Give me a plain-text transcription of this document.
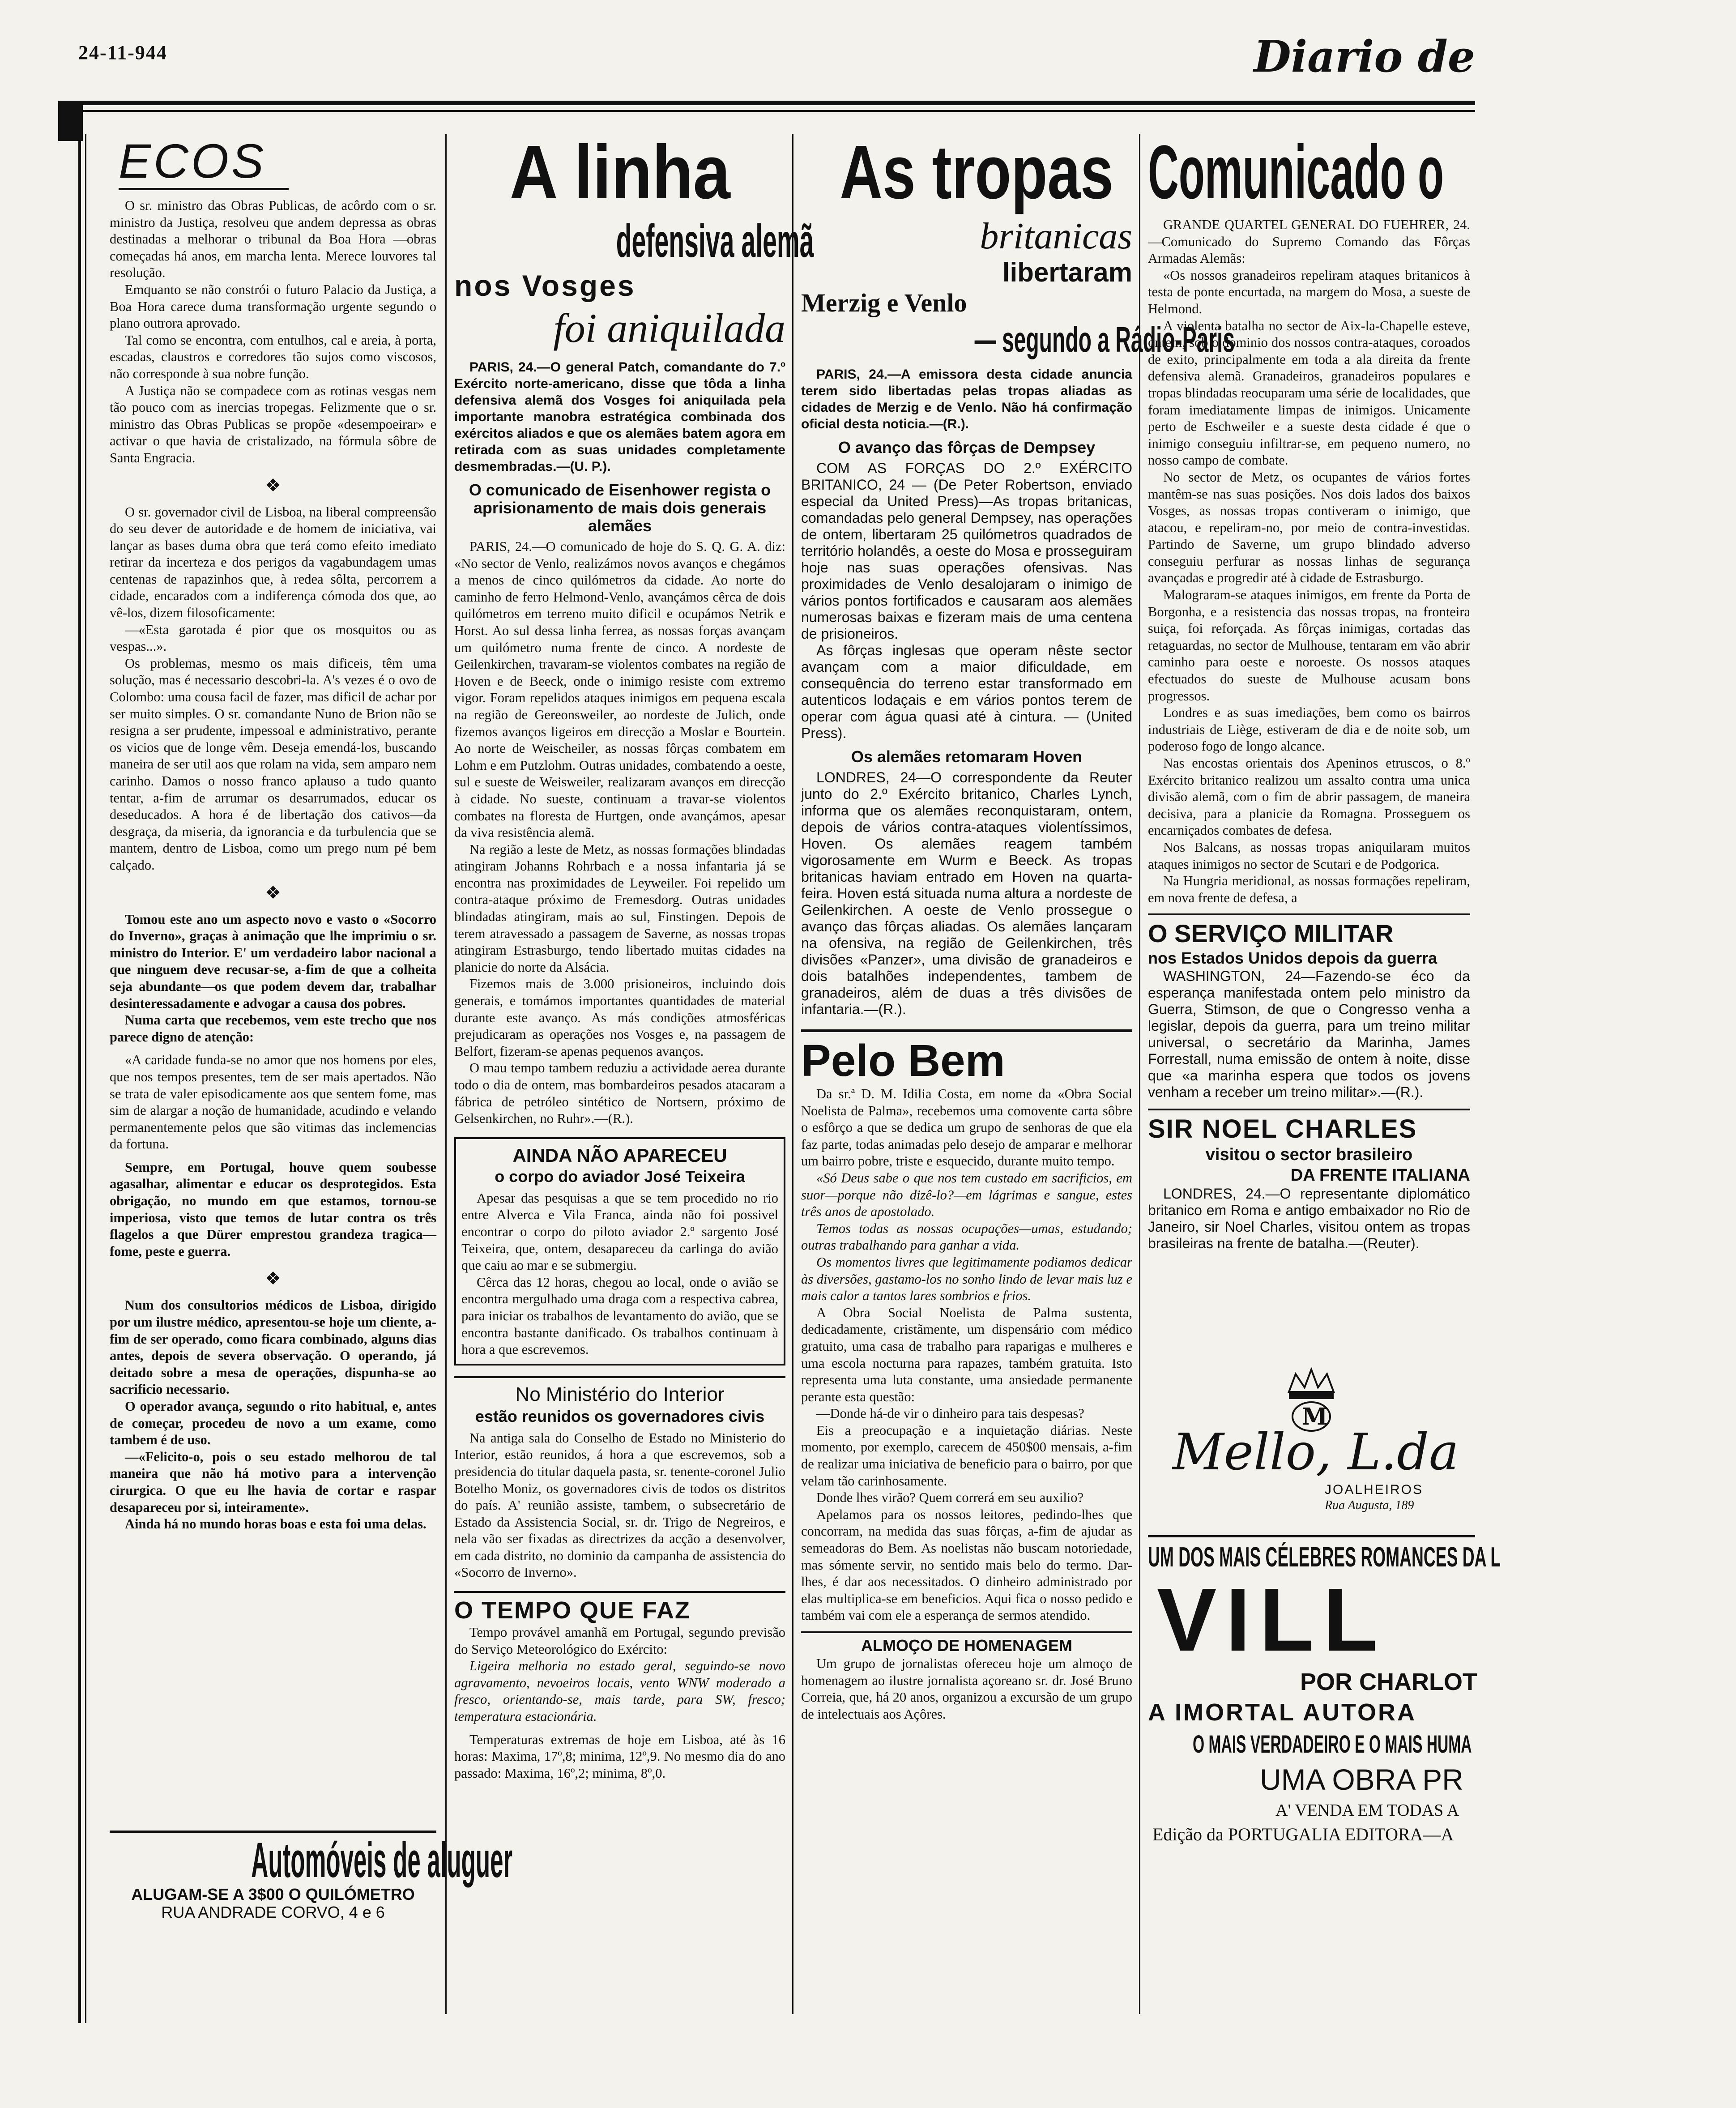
24-11-944	Diario de
ECOS

O sr. ministro das Obras Publicas, de acôrdo com o sr. ministro da Justiça, resolveu que andem depressa as obras destinadas a melhorar o tribunal da Boa Hora —obras começadas há anos, em marcha lenta. Merece louvores tal resolução.

Emquanto se não constrói o futuro Palacio da Justiça, a Boa Hora carece duma transformação urgente segundo o plano outrora aprovado.

Tal como se encontra, com entulhos, cal e areia, à porta, escadas, claustros e corredores tão sujos como viscosos, não corresponde à sua nobre função.

A Justiça não se compadece com as rotinas vesgas nem tão pouco com as inercias tropegas. Felizmente que o sr. ministro das Obras Publicas se propõe «desempoeirar» e activar o que havia de cristalizado, na fórmula sôbre de Santa Engracia.

❖

O sr. governador civil de Lisboa, na liberal compreensão do seu dever de autoridade e de homem de iniciativa, vai lançar as bases duma obra que terá como efeito imediato retirar da incerteza e dos perigos da vagabundagem umas centenas de rapazinhos que, à redea sôlta, percorrem a cidade, encarados com a indiferença cómoda dos que, ao vê-los, dizem filosoficamente:

—«Esta garotada é pior que os mosquitos ou as vespas...».

Os problemas, mesmo os mais dificeis, têm uma solução, mas é necessario descobri-la. A's vezes é o ovo de Colombo: uma cousa facil de fazer, mas dificil de achar por ser muito simples. O sr. comandante Nuno de Brion não se resigna a ser prudente, impessoal e administrativo, perante os vicios que de longe vêm. Deseja emendá-los, buscando maneira de ser util aos que rolam na vida, sem amparo nem carinho. Damos o nosso franco aplauso a tudo quanto tentar, a-fim de arrumar os desarrumados, educar os deseducados. A hora é de libertação dos cativos—da desgraça, da miseria, da ignorancia e da turbulencia que se mantem, dentro de Lisboa, como um prego num pé bem calçado.

❖

Tomou este ano um aspecto novo e vasto o «Socorro do Inverno», graças à animação que lhe imprimiu o sr. ministro do Interior. E' um verdadeiro labor nacional a que ninguem deve recusar-se, a-fim de que a colheita seja abundante—os que podem devem dar, trabalhar desinteressadamente e advogar a causa dos pobres.

Numa carta que recebemos, vem este trecho que nos parece digno de atenção:

«A caridade funda-se no amor que nos homens por eles, que nos tempos presentes, tem de ser mais apertados. Não se trata de valer episodicamente aos que sentem fome, mas sim de alargar a noção de humanidade, acudindo e velando permanentemente pelos que são vitimas das inclemencias da fortuna.

Sempre, em Portugal, houve quem soubesse agasalhar, alimentar e educar os desprotegidos. Esta obrigação, no mundo em que estamos, tornou-se imperiosa, visto que temos de lutar contra os três flagelos a que Dürer emprestou grandeza tragica—fome, peste e guerra.

❖

Num dos consultorios médicos de Lisboa, dirigido por um ilustre médico, apresentou-se hoje um cliente, a-fim de ser operado, como ficara combinado, alguns dias antes, depois de severa observação. O operando, já deitado sobre a mesa de operações, dispunha-se ao sacrificio necessario.

O operador avança, segundo o rito habitual, e, antes de começar, procedeu de novo a um exame, como tambem é de uso.

—«Felicito-o, pois o seu estado melhorou de tal maneira que não há motivo para a intervenção cirurgica. O que eu lhe havia de cortar e raspar desapareceu por si, inteiramente».

Ainda há no mundo horas boas e esta foi uma delas.

Automóveis de aluguer
ALUGAM-SE A 3$00 O QUILÓMETRO
RUA ANDRADE CORVO, 4 e 6
A linha
defensiva alemã
nos Vosges
foi aniquilada

PARIS, 24.—O general Patch, comandante do 7.º Exército norte-americano, disse que tôda a linha defensiva alemã dos Vosges foi aniquilada pela importante manobra estratégica combinada dos exércitos aliados e que os alemães batem agora em retirada com as suas unidades completamente desmembradas.—(U. P.).

O comunicado de Eisenhower regista o aprisionamento de mais dois generais alemães

PARIS, 24.—O comunicado de hoje do S. Q. G. A. diz: «No sector de Venlo, realizámos novos avanços e chegámos a menos de cinco quilómetros da cidade. Ao norte do caminho de ferro Helmond-Venlo, avançámos cêrca de dois quilómetros em terreno muito dificil e ocupámos Netrik e Horst. Ao sul dessa linha ferrea, as nossas forças avançam um quilómetro numa frente de cinco. A nordeste de Geilenkirchen, travaram-se violentos combates na região de Hoven e de Beeck, onde o inimigo resiste com extremo vigor. Foram repelidos ataques inimigos em pequena escala na região de Gereonsweiler, ao nordeste de Julich, onde fizemos avanços ligeiros em direcção a Moslar e Bourtein. Ao norte de Weischeiler, as nossas fôrças combatem em Lohm e em Putzlohm. Outras unidades, combatendo a oeste, sul e sueste de Weisweiler, realizaram avanços em direcção à cidade. No sueste, continuam a travar-se violentos combates na floresta de Hurtgen, onde avançámos, apesar da viva resistência alemã.

Na região a leste de Metz, as nossas formações blindadas atingiram Johanns Rohrbach e a nossa infantaria já se encontra nas proximidades de Leyweiler. Foi repelido um contra-ataque próximo de Fremesdorg. Outras unidades blindadas atingiram, mais ao sul, Finstingen. Depois de terem atravessado a passagem de Saverne, as nossas tropas atingiram Estrasburgo, tendo libertado muitas cidades na planicie do norte da Alsácia.

Fizemos mais de 3.000 prisioneiros, incluindo dois generais, e tomámos importantes quantidades de material durante este avanço. As más condições atmosféricas prejudicaram as operações nos Vosges e, na passagem de Belfort, fizeram-se apenas pequenos avanços.

O mau tempo tambem reduziu a actividade aerea durante todo o dia de ontem, mas bombardeiros pesados atacaram a fábrica de petróleo sintético de Nortsern, próximo de Gelsenkirchen, no Ruhr».—(R.).

AINDA NÃO APARECEU
o corpo do aviador José Teixeira

Apesar das pesquisas a que se tem procedido no rio entre Alverca e Vila Franca, ainda não foi possivel encontrar o corpo do piloto aviador 2.º sargento José Teixeira, que, ontem, desapareceu da carlinga do avião que caiu ao mar e se submergiu.

Cêrca das 12 horas, chegou ao local, onde o avião se encontra mergulhado uma draga com a respectiva cabrea, para iniciar os trabalhos de levantamento do avião, que se encontra bastante danificado. Os trabalhos continuam à hora a que escrevemos.

No Ministério do Interior
estão reunidos os governadores civis

Na antiga sala do Conselho de Estado no Ministerio do Interior, estão reunidos, á hora a que escrevemos, sob a presidencia do titular daquela pasta, sr. tenente-coronel Julio Botelho Moniz, os governadores civis de todos os distritos do país. A' reunião assiste, tambem, o subsecretário de Estado da Assistencia Social, sr. dr. Trigo de Negreiros, e nela vão ser fixadas as directrizes da acção a desenvolver, em cada distrito, no dominio da campanha de assistencia do «Socorro de Inverno».

O TEMPO QUE FAZ

Tempo provável amanhã em Portugal, segundo previsão do Serviço Meteorológico do Exército:

Ligeira melhoria no estado geral, seguindo-se novo agravamento, nevoeiros locais, vento WNW moderado a fresco, orientando-se, mais tarde, para SW, fresco; temperatura estacionária.

Temperaturas extremas de hoje em Lisboa, até às 16 horas: Maxima, 17º,8; minima, 12º,9. No mesmo dia do ano passado: Maxima, 16º,2; minima, 8º,0.

As tropas
britanicas
libertaram
Merzig e Venlo
— segundo a Rádio-Paris

PARIS, 24.—A emissora desta cidade anuncia terem sido libertadas pelas tropas aliadas as cidades de Merzig e de Venlo. Não há confirmação oficial desta noticia.—(R.).

O avanço das fôrças de Dempsey

COM AS FORÇAS DO 2.º EXÉRCITO BRITANICO, 24 — (De Peter Robertson, enviado especial da United Press)—As tropas britanicas, comandadas pelo general Dempsey, nas operações de ontem, libertaram 25 quilómetros quadrados de território holandês, a oeste do Mosa e prosseguiram hoje nas suas operações ofensivas. Nas proximidades de Venlo desalojaram o inimigo de vários pontos fortificados e causaram aos alemães numerosas baixas e fizeram mais de uma centena de prisioneiros.

As fôrças inglesas que operam nêste sector avançam com a maior dificuldade, em consequência do terreno estar transformado em autenticos lodaçais e em vários pontos terem de operar com água quasi até à cintura. — (United Press).

Os alemães retomaram Hoven

LONDRES, 24—O correspondente da Reuter junto do 2.º Exército britanico, Charles Lynch, informa que os alemães reconquistaram, ontem, depois de vários contra-ataques violentíssimos, Hoven. Os alemães reagem também vigorosamente em Wurm e Beeck. As tropas britanicas haviam entrado em Hoven na quarta-feira. Hoven está situada numa altura a nordeste de Geilenkirchen. A oeste de Venlo prossegue o avanço das fôrças aliadas. Os alemães lançaram na ofensiva, na região de Geilenkirchen, três divisões «Panzer», uma divisão de granadeiros e dois batalhões independentes, tambem de granadeiros, além de duas a três divisões de infantaria.—(R.).

Pelo Bem

Da sr.ª D. M. Idilia Costa, em nome da «Obra Social Noelista de Palma», recebemos uma comovente carta sôbre o esfôrço a que se dedica um grupo de senhoras de que ela faz parte, todas animadas pelo desejo de amparar e melhorar um bairro pobre, triste e esquecido, durante muito tempo.

«Só Deus sabe o que nos tem custado em sacrificios, em suor—porque não dizê-lo?—em lágrimas e sangue, estes três anos de apostolado.

Temos todas as nossas ocupações—umas, estudando; outras trabalhando para ganhar a vida.

Os momentos livres que legitimamente podiamos dedicar às diversões, gastamo-los no sonho lindo de levar mais luz e mais calor a tantos lares sombrios e frios.

A Obra Social Noelista de Palma sustenta, dedicadamente, cristãmente, um dispensário com médico gratuito, uma casa de trabalho para raparigas e mulheres e uma escola nocturna para rapazes, também gratuita. Isto representa uma luta constante, uma ansiedade permanente perante esta questão:

—Donde há-de vir o dinheiro para tais despesas?

Eis a preocupação e a inquietação diárias. Neste momento, por exemplo, carecem de 450$00 mensais, a-fim de realizar uma iniciativa de beneficio para o bairro, por que velam tão carinhosamente.

Donde lhes virão? Quem correrá em seu auxilio?

Apelamos para os nossos leitores, pedindo-lhes que concorram, na medida das suas fôrças, a-fim de ajudar as semeadoras do Bem. As noelistas não buscam notoriedade, mas sómente servir, no sentido mais belo do termo. Dar-lhes, é dar aos necessitados. O dinheiro administrado por elas multiplica-se em beneficios. Aqui fica o nosso pedido e também vai com ele a esperança de sermos atendido.

ALMOÇO DE HOMENAGEM

Um grupo de jornalistas ofereceu hoje um almoço de homenagem ao ilustre jornalista açoreano sr. dr. José Bruno Correia, que, há 20 anos, organizou a excursão de um grupo de intelectuais aos Açôres.

Comunicado o

GRANDE QUARTEL GENERAL DO FUEHRER, 24.—Comunicado do Supremo Comando das Fôrças Armadas Alemãs:

«Os nossos granadeiros repeliram ataques britanicos à testa de ponte encurtada, na margem do Mosa, a sueste de Helmond.

A violenta batalha no sector de Aix-la-Chapelle esteve, ontem, sob o dominio dos nossos contra-ataques, coroados de exito, principalmente em toda a ala direita da frente defensiva alemã. Granadeiros, granadeiros populares e tropas blindadas reocuparam uma série de localidades, que foram imediatamente limpas de inimigos. Unicamente perto de Eschweiler e a sueste desta cidade é que o inimigo conseguiu infiltrar-se, em pequeno numero, no nosso campo de combate.

No sector de Metz, os ocupantes de vários fortes mantêm-se nas suas posições. Nos dois lados dos baixos Vosges, as nossas tropas contiveram o inimigo, que atacou, e repeliram-no, por meio de contra-investidas. Partindo de Saverne, um grupo blindado adverso conseguiu perfurar as nossas linhas de segurança avançadas e progredir até à cidade de Estrasburgo.

Malograram-se ataques inimigos, em frente da Porta de Borgonha, e a resistencia das nossas tropas, na fronteira suiça, foi reforçada. As fôrças inimigas, cortadas das retaguardas, no sector de Mulhouse, tentaram em vão abrir caminho para oeste e noroeste. Os nossos ataques efectuados do sueste de Mulhouse acusam bons progressos.

Londres e as suas imediações, bem como os bairros industriais de Liège, estiveram de dia e de noite sob, um poderoso fogo de longo alcance.

Nas encostas orientais dos Apeninos etruscos, o 8.º Exército britanico realizou um assalto contra uma unica divisão alemã, com o fim de abrir passagem, de maneira decisiva, para a planicie da Romagna. Prosseguem os encarniçados combates de defesa.

Nos Balcans, as nossas tropas aniquilaram muitos ataques inimigos no sector de Scutari e de Podgorica.

Na Hungria meridional, as nossas formações repeliram, em nova frente de defesa, a

O SERVIÇO MILITAR
nos Estados Unidos depois da guerra

WASHINGTON, 24—Fazendo-se éco da esperança manifestada ontem pelo ministro da Guerra, Stimson, de que o Congresso venha a legislar, depois da guerra, para um treino militar universal, o secretário da Marinha, James Forrestall, numa emissão de ontem à noite, disse que «a marinha espera que todos os jovens venham a receber um treino militar».—(R.).

SIR NOEL CHARLES
visitou o sector brasileiro
DA FRENTE ITALIANA

LONDRES, 24.—O representante diplomático britanico em Roma e antigo embaixador no Rio de Janeiro, sir Noel Charles, visitou ontem as tropas brasileiras na frente de batalha.—(Reuter).

M
Mello, L.da
JOALHEIROS
Rua Augusta, 189
UM DOS MAIS CÉLEBRES ROMANCES DA L
VILL
POR CHARLOT
A IMORTAL AUTORA
O MAIS VERDADEIRO E O MAIS HUMA
UMA OBRA PR
A' VENDA EM TODAS A
Edição da PORTUGALIA EDITORA—A
